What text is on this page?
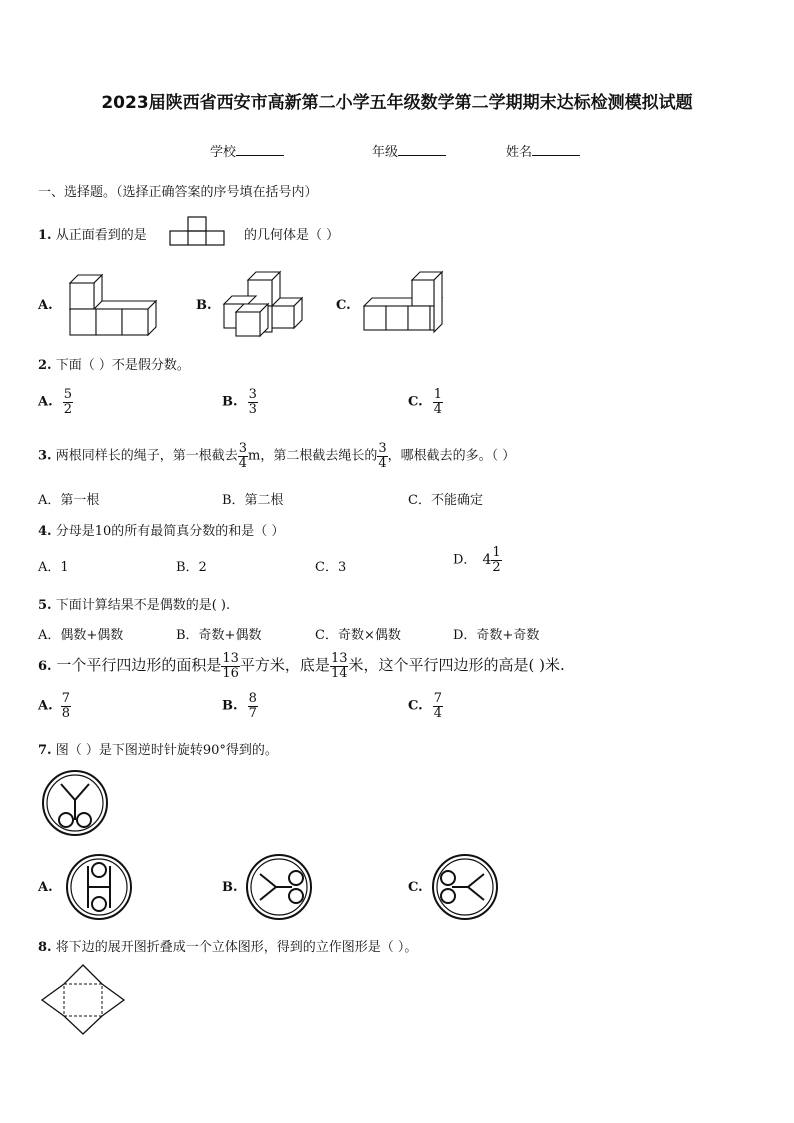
2023届陕西省西安市高新第二小学五年级数学第二学期期末达标检测模拟试题
学校	年级	姓名
一、选择题。（选择正确答案的序号填在括号内）
1. 从正面看到的是	的几何体是（ ）
A.	B.	C.
2. 下面（ ）不是假分数。
A. $\frac{5}{2}$	B. $\frac{3}{3}$	C. $\frac{1}{4}$
3. 两根同样长的绳子，第一根截去 $\frac{3}{4}$ m，第二根截去绳长的 $\frac{3}{4}$ ，哪根截去的多。（ ）
A．第一根	B．第二根	C．不能确定
4. 分母是10的所有最简真分数的和是（ ）
A．1	B．2	C．3	D． $4 \frac{1}{2}$
5. 下面计算结果不是偶数的是( ).
A．偶数+偶数	B．奇数+偶数	C．奇数×偶数	D．奇数+奇数
6. 一个平行四边形的面积是 $\frac{13}{16}$ 平方米，底是 $\frac{13}{14}$ 米，这个平行四边形的高是( )米.
A. $\frac{7}{8}$	B. $\frac{8}{7}$	C. $\frac{7}{4}$
7. 图（ ）是下图逆时针旋转90°得到的。
A.	B.	C.
8. 将下边的展开图折叠成一个立体图形，得到的立作图形是（ ）。
